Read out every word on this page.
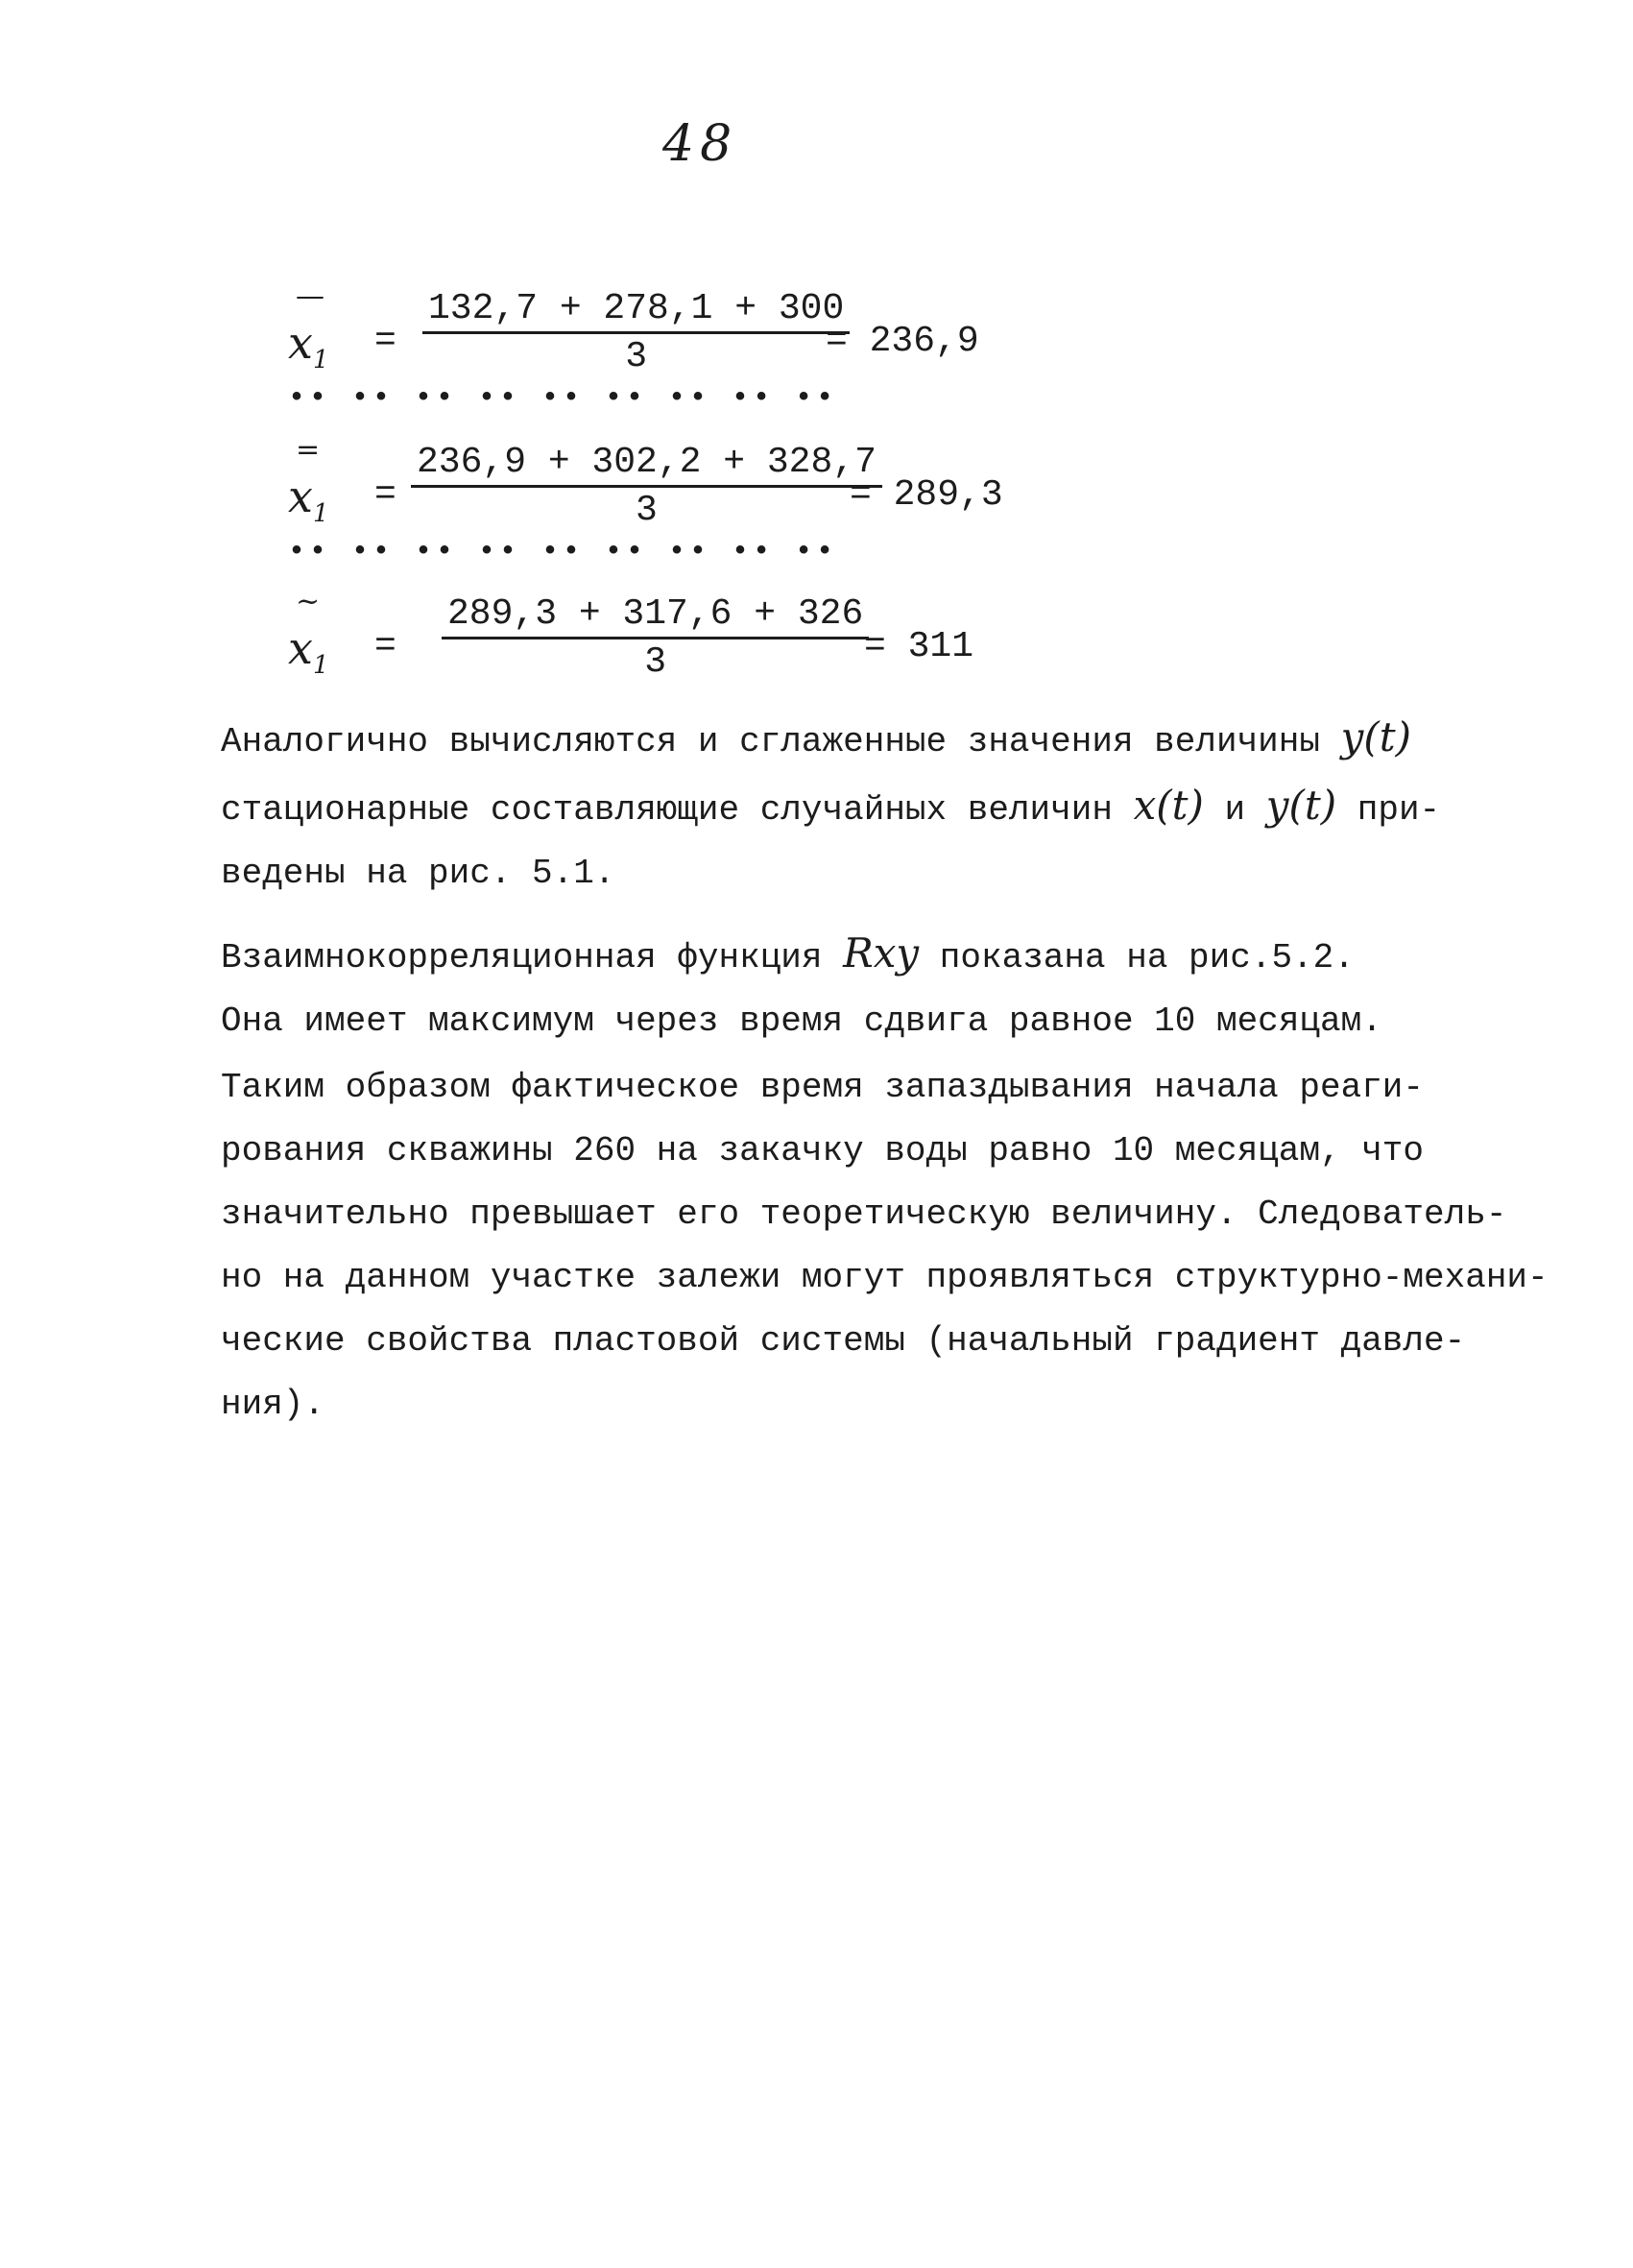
48
—
$x_1 = \frac{132,7 + 278,1 + 300}{3}$
= 236,9
•• •• •• •• •• •• •• •• ••
=
$x_1 = \frac{236,9 + 302,2 + 328,7}{3}$
= 289,3
•• •• •• •• •• •• •• •• ••
~
$x_1 = \frac{289,3 + 317,6 + 326}{3}$
= 311
Аналогично вычисляются и сглаженные значения величины y(t)
стационарные составляющие случайных величин x(t) и y(t) при-
ведены на рис. 5.1.
Взаимнокорреляционная функция Rxy показана на рис.5.2.
Она имеет максимум через время сдвига равное 10 месяцам.
Таким образом фактическое время запаздывания начала реаги-
рования скважины 260 на закачку воды равно 10 месяцам, что
значительно превышает его теоретическую величину. Следователь-
но на данном участке залежи могут проявляться структурно-механи-
ческие свойства пластовой системы (начальный градиент давле-
ния).
